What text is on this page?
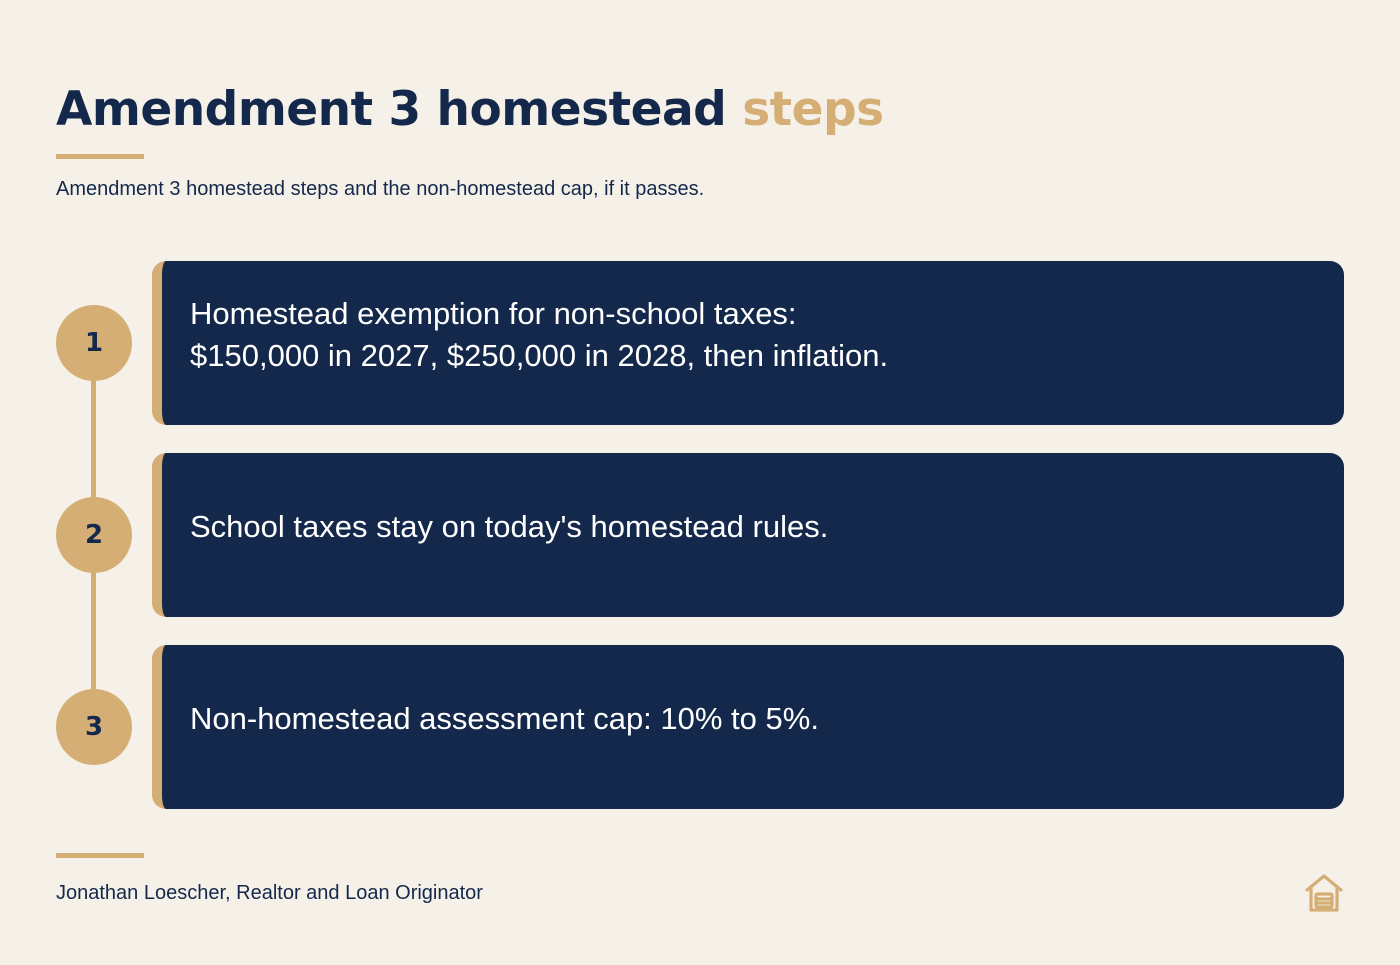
Amendment 3 homestead steps
Amendment 3 homestead steps and the non-homestead cap, if it passes.
1
Homestead exemption for non-school taxes:
$150,000 in 2027, $250,000 in 2028, then inflation.
2	School taxes stay on today's homestead rules.
3	Non-homestead assessment cap: 10% to 5%.
Jonathan Loescher, Realtor and Loan Originator
